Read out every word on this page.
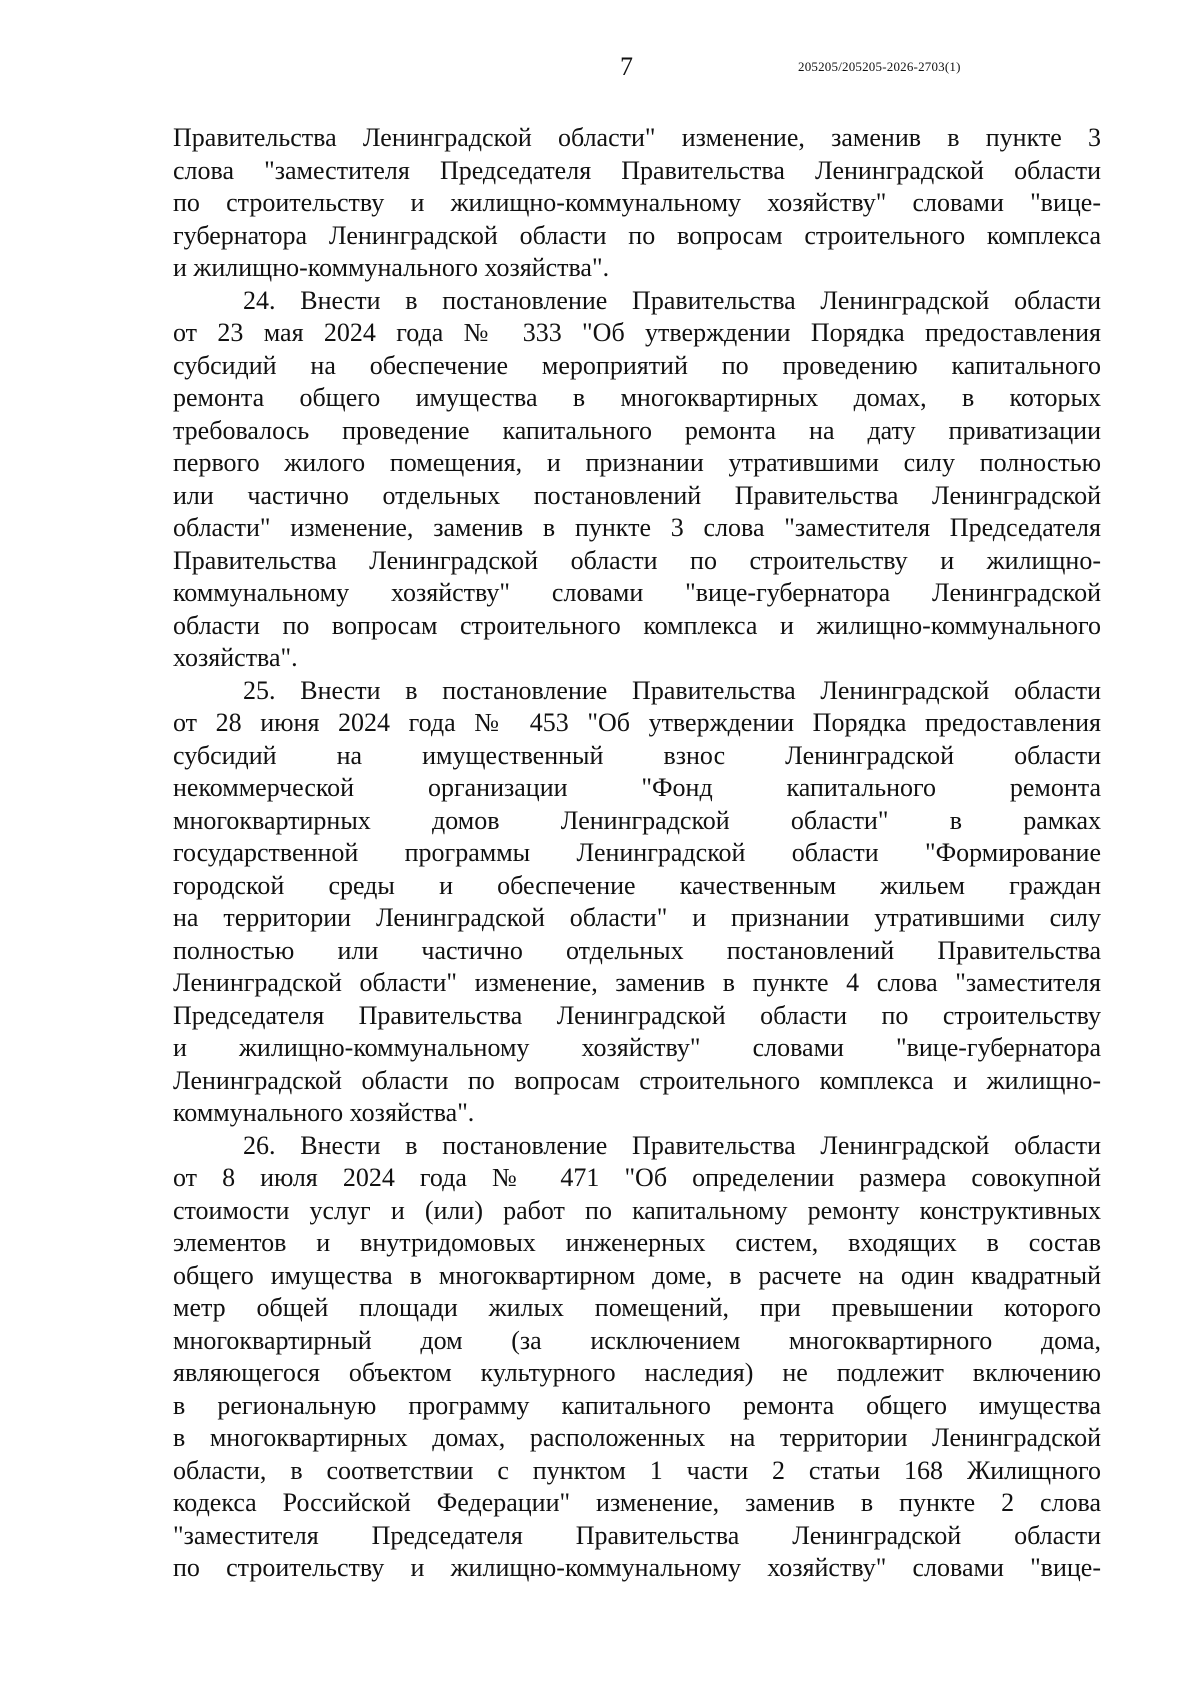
7	205205/205205-2026-2703(1)
Правительства Ленинградской области" изменение, заменив в пункте 3
слова "заместителя Председателя Правительства Ленинградской области
по строительству и жилищно-коммунальному хозяйству" словами "вице-
губернатора Ленинградской области по вопросам строительного комплекса
и жилищно-коммунального хозяйства".
24. Внести в постановление Правительства Ленинградской области
от 23 мая 2024 года № 333 "Об утверждении Порядка предоставления
субсидий на обеспечение мероприятий по проведению капитального
ремонта общего имущества в многоквартирных домах, в которых
требовалось проведение капитального ремонта на дату приватизации
первого жилого помещения, и признании утратившими силу полностью
или частично отдельных постановлений Правительства Ленинградской
области" изменение, заменив в пункте 3 слова "заместителя Председателя
Правительства Ленинградской области по строительству и жилищно-
коммунальному хозяйству" словами "вице-губернатора Ленинградской
области по вопросам строительного комплекса и жилищно-коммунального
хозяйства".
25. Внести в постановление Правительства Ленинградской области
от 28 июня 2024 года № 453 "Об утверждении Порядка предоставления
субсидий на имущественный взнос Ленинградской области
некоммерческой организации "Фонд капитального ремонта
многоквартирных домов Ленинградской области" в рамках
государственной программы Ленинградской области "Формирование
городской среды и обеспечение качественным жильем граждан
на территории Ленинградской области" и признании утратившими силу
полностью или частично отдельных постановлений Правительства
Ленинградской области" изменение, заменив в пункте 4 слова "заместителя
Председателя Правительства Ленинградской области по строительству
и жилищно-коммунальному хозяйству" словами "вице-губернатора
Ленинградской области по вопросам строительного комплекса и жилищно-
коммунального хозяйства".
26. Внести в постановление Правительства Ленинградской области
от 8 июля 2024 года № 471 "Об определении размера совокупной
стоимости услуг и (или) работ по капитальному ремонту конструктивных
элементов и внутридомовых инженерных систем, входящих в состав
общего имущества в многоквартирном доме, в расчете на один квадратный
метр общей площади жилых помещений, при превышении которого
многоквартирный дом (за исключением многоквартирного дома,
являющегося объектом культурного наследия) не подлежит включению
в региональную программу капитального ремонта общего имущества
в многоквартирных домах, расположенных на территории Ленинградской
области, в соответствии с пунктом 1 части 2 статьи 168 Жилищного
кодекса Российской Федерации" изменение, заменив в пункте 2 слова
"заместителя Председателя Правительства Ленинградской области
по строительству и жилищно-коммунальному хозяйству" словами "вице-
